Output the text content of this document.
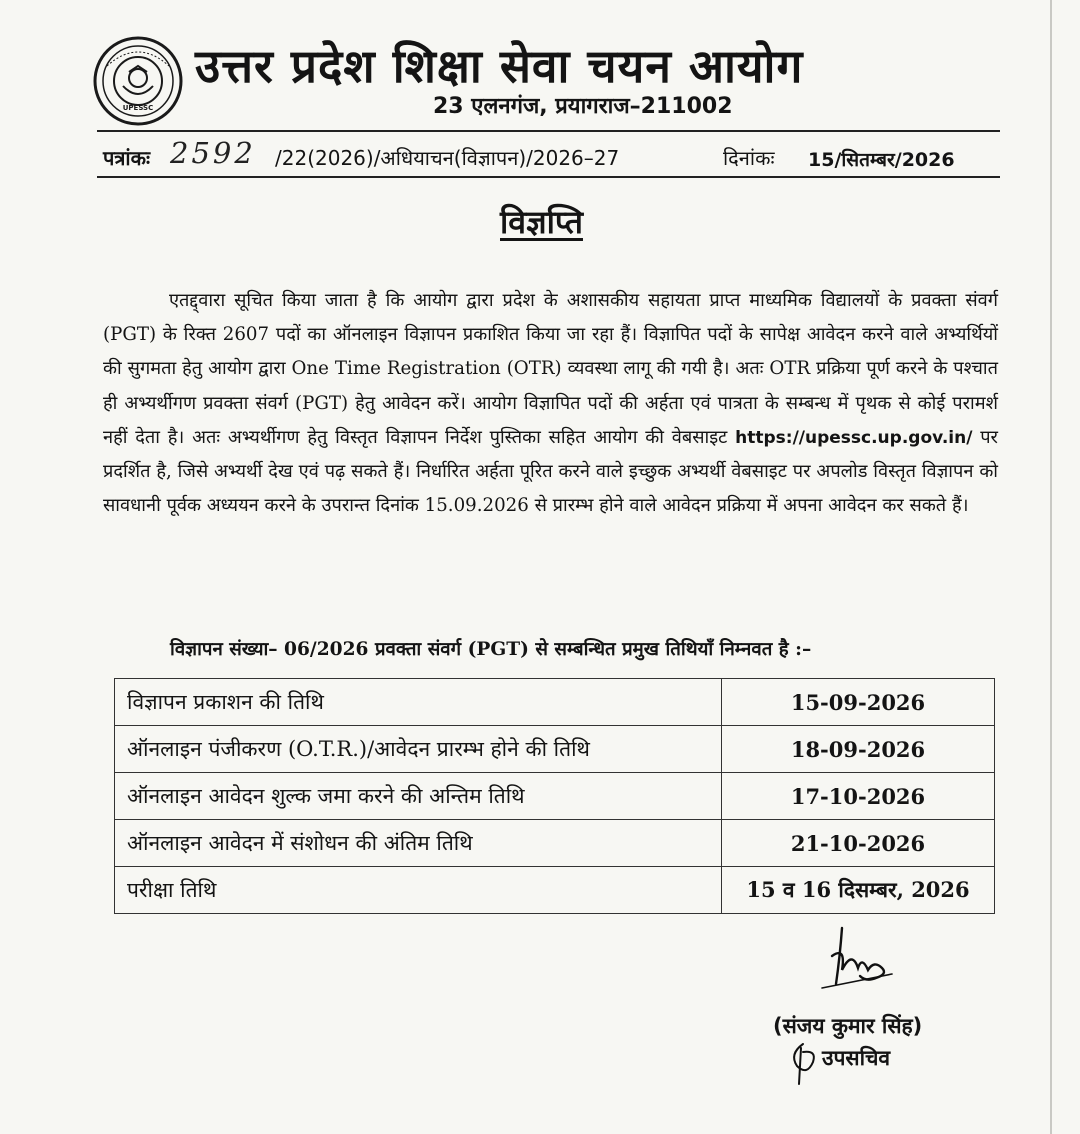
UPESSC
उत्तर प्रदेश शिक्षा सेवा चयन आयोग
23 एलनगंज, प्रयागराज–211002
पत्रांकः 2592 /22(2026)/अधियाचन(विज्ञापन)/2026–27	दिनांकः 15/सितम्बर/2026
विज्ञप्ति
एतद्द्वारा सूचित किया जाता है कि आयोग द्वारा प्रदेश के अशासकीय सहायता प्राप्त माध्यमिक विद्यालयों के प्रवक्ता संवर्ग (PGT) के रिक्त 2607 पदों का ऑनलाइन विज्ञापन प्रकाशित किया जा रहा हैं। विज्ञापित पदों के सापेक्ष आवेदन करने वाले अभ्यर्थियों की सुगमता हेतु आयोग द्वारा One Time Registration (OTR) व्यवस्था लागू की गयी है। अतः OTR प्रक्रिया पूर्ण करने के पश्चात ही अभ्यर्थीगण प्रवक्ता संवर्ग (PGT) हेतु आवेदन करें। आयोग विज्ञापित पदों की अर्हता एवं पात्रता के सम्बन्ध में पृथक से कोई परामर्श नहीं देता है। अतः अभ्यर्थीगण हेतु विस्तृत विज्ञापन निर्देश पुस्तिका सहित आयोग की वेबसाइट https://upessc.up.gov.in/ पर प्रदर्शित है, जिसे अभ्यर्थी देख एवं पढ़ सकते हैं। निर्धारित अर्हता पूरित करने वाले इच्छुक अभ्यर्थी वेबसाइट पर अपलोड विस्तृत विज्ञापन को सावधानी पूर्वक अध्ययन करने के उपरान्त दिनांक 15.09.2026 से प्रारम्भ होने वाले आवेदन प्रक्रिया में अपना आवेदन कर सकते हैं।
विज्ञापन संख्या– 06/2026 प्रवक्ता संवर्ग (PGT) से सम्बन्धित प्रमुख तिथियाँ निम्नवत है :–
विज्ञापन प्रकाशन की तिथि	15-09-2026
ऑनलाइन पंजीकरण (O.T.R.)/आवेदन प्रारम्भ होने की तिथि	18-09-2026
ऑनलाइन आवेदन शुल्क जमा करने की अन्तिम तिथि	17-10-2026
ऑनलाइन आवेदन में संशोधन की अंतिम तिथि	21-10-2026
परीक्षा तिथि	15 व 16 दिसम्बर, 2026
(संजय कुमार सिंह)
उपसचिव
